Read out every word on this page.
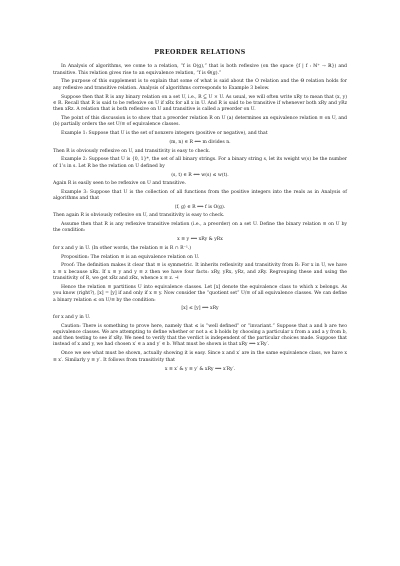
PREORDER RELATIONS

In Analysis of algorithms, we come to a relation, “f is O(g),” that is both reflexive (on the space {f | f : ℕ⁺ → ℝ}) and transitive. This relation gives rise to an equivalence relation, “f is Θ(g).”

The purpose of this supplement is to explain that some of what is said about the O relation and the Θ relation holds for any reflexive and transitive relation. Analysis of algorithms corresponds to Example 3 below.

Suppose then that R is any binary relation on a set U, i.e., R ⊆ U × U. As usual, we will often write xRy to mean that (x, y) ∈ R. Recall that R is said to be reflexive on U if xRx for all x in U. And R is said to be transitive if whenever both xRy and yRz then xRz. A relation that is both reflexive on U and transitive is called a preorder on U.

The point of this discussion is to show that a preorder relation R on U (a) determines an equivalence relation ≡ on U, and (b) partially orders the set U/≡ of equivalence classes.

Example 1: Suppose that U is the set of nonzero integers (positive or negative), and that

(m, n) ∈ R ⟺ m divides n.

Then R is obviously reflexive on U, and transitivity is easy to check.

Example 2: Suppose that U is {0, 1}*, the set of all binary strings. For a binary string s, let its weight w(s) be the number of 1’s in s. Let R be the relation on U defined by

(s, t) ∈ R ⟺ w(s) ≤ w(t).

Again R is easily seen to be reflexive on U and transitive.

Example 3: Suppose that U is the collection of all functions from the positive integers into the reals as in Analysis of algorithms and that

⟨f, g⟩ ∈ R ⟺ f is O(g).

Then again R is obviously reflexive on U, and transitivity is easy to check.

Assume then that R is any reflexive transitive relation (i.e., a preorder) on a set U. Define the binary relation ≡ on U by the condition:

x ≡ y ⟺ xRy & yRx

for x and y in U. (In other words, the relation ≡ is R ∩ R⁻¹.)

Proposition: The relation ≡ is an equivalence relation on U.

Proof: The definition makes it clear that ≡ is symmetric. It inherits reflexivity and transitivity from R: For x in U, we have x ≡ x because xRx. If x ≡ y and y ≡ z then we have four facts: xRy, yRx, yRz, and zRy. Regrouping these and using the transitivity of R, we get xRz and zRx, whence x ≡ z. ⊣

Hence the relation ≡ partitions U into equivalence classes. Let [x] denote the equivalence class to which x belongs. As you know (right?), [x] = [y] if and only if x ≡ y. Now consider the “quotient set” U/≡ of all equivalence classes. We can define a binary relation ≤ on U/≡ by the condition:

[x] ≤ [y] ⟺ xRy

for x and y in U.

Caution: There is something to prove here, namely that ≤ is “well defined” or “invariant.” Suppose that a and b are two equivalence classes. We are attempting to define whether or not a ≤ b holds by choosing a particular x from a and a y from b, and then testing to see if xRy. We need to verify that the verdict is independent of the particular choices made. Suppose that instead of x and y, we had chosen x′ ∈ a and y′ ∈ b. What must be shown is that xRy ⟺ x′Ry′.

Once we see what must be shown, actually showing it is easy. Since x and x′ are in the same equivalence class, we have x ≡ x′. Similarly y ≡ y′. It follows from transitivity that

x ≡ x′ & y ≡ y′ & xRy ⟹ x′Ry′.
